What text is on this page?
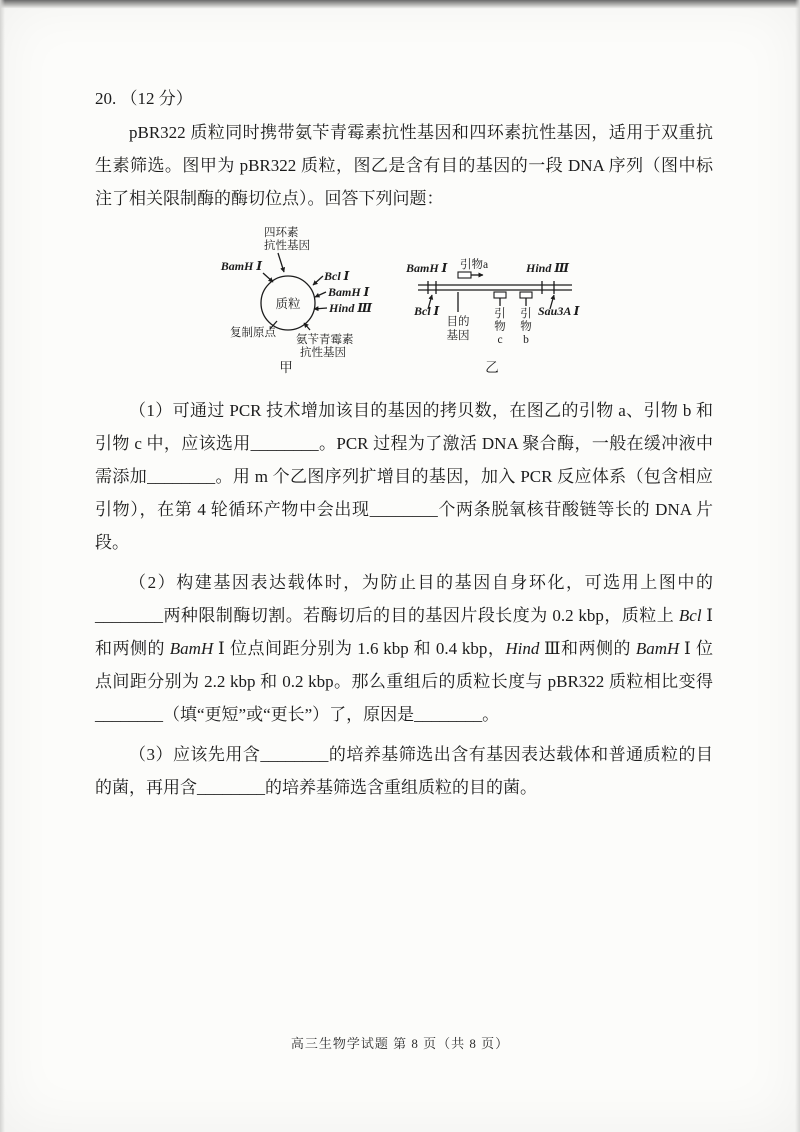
20. （12 分）

pBR322 质粒同时携带氨苄青霉素抗性基因和四环素抗性基因，适用于双重抗生素筛选。图甲为 pBR322 质粒，图乙是含有目的基因的一段 DNA 序列（图中标注了相关限制酶的酶切位点）。回答下列问题：

质粒
四环素
抗性基因
BamH Ⅰ
Bcl Ⅰ
BamH Ⅰ
Hind Ⅲ
复制原点
氨苄青霉素
抗性基因
甲
BamH Ⅰ 引物a	Hind Ⅲ
Bcl Ⅰ
目的
基因
引
物
c
引
物
b
Sau3A Ⅰ
乙

（1）可通过 PCR 技术增加该目的基因的拷贝数，在图乙的引物 a、引物 b 和引物 c 中，应该选用________。PCR 过程为了激活 DNA 聚合酶，一般在缓冲液中需添加________。用 m 个乙图序列扩增目的基因，加入 PCR 反应体系（包含相应引物），在第 4 轮循环产物中会出现________个两条脱氧核苷酸链等长的 DNA 片段。

（2）构建基因表达载体时，为防止目的基因自身环化，可选用上图中的________两种限制酶切割。若酶切后的目的基因片段长度为 0.2 kbp，质粒上 Bcl Ⅰ 和两侧的 BamH Ⅰ 位点间距分别为 1.6 kbp 和 0.4 kbp，Hind Ⅲ和两侧的 BamH Ⅰ 位点间距分别为 2.2 kbp 和 0.2 kbp。那么重组后的质粒长度与 pBR322 质粒相比变得________（填“更短”或“更长”）了，原因是________。

（3）应该先用含________的培养基筛选出含有基因表达载体和普通质粒的目的菌，再用含________的培养基筛选含重组质粒的目的菌。

高三生物学试题 第 8 页（共 8 页）
